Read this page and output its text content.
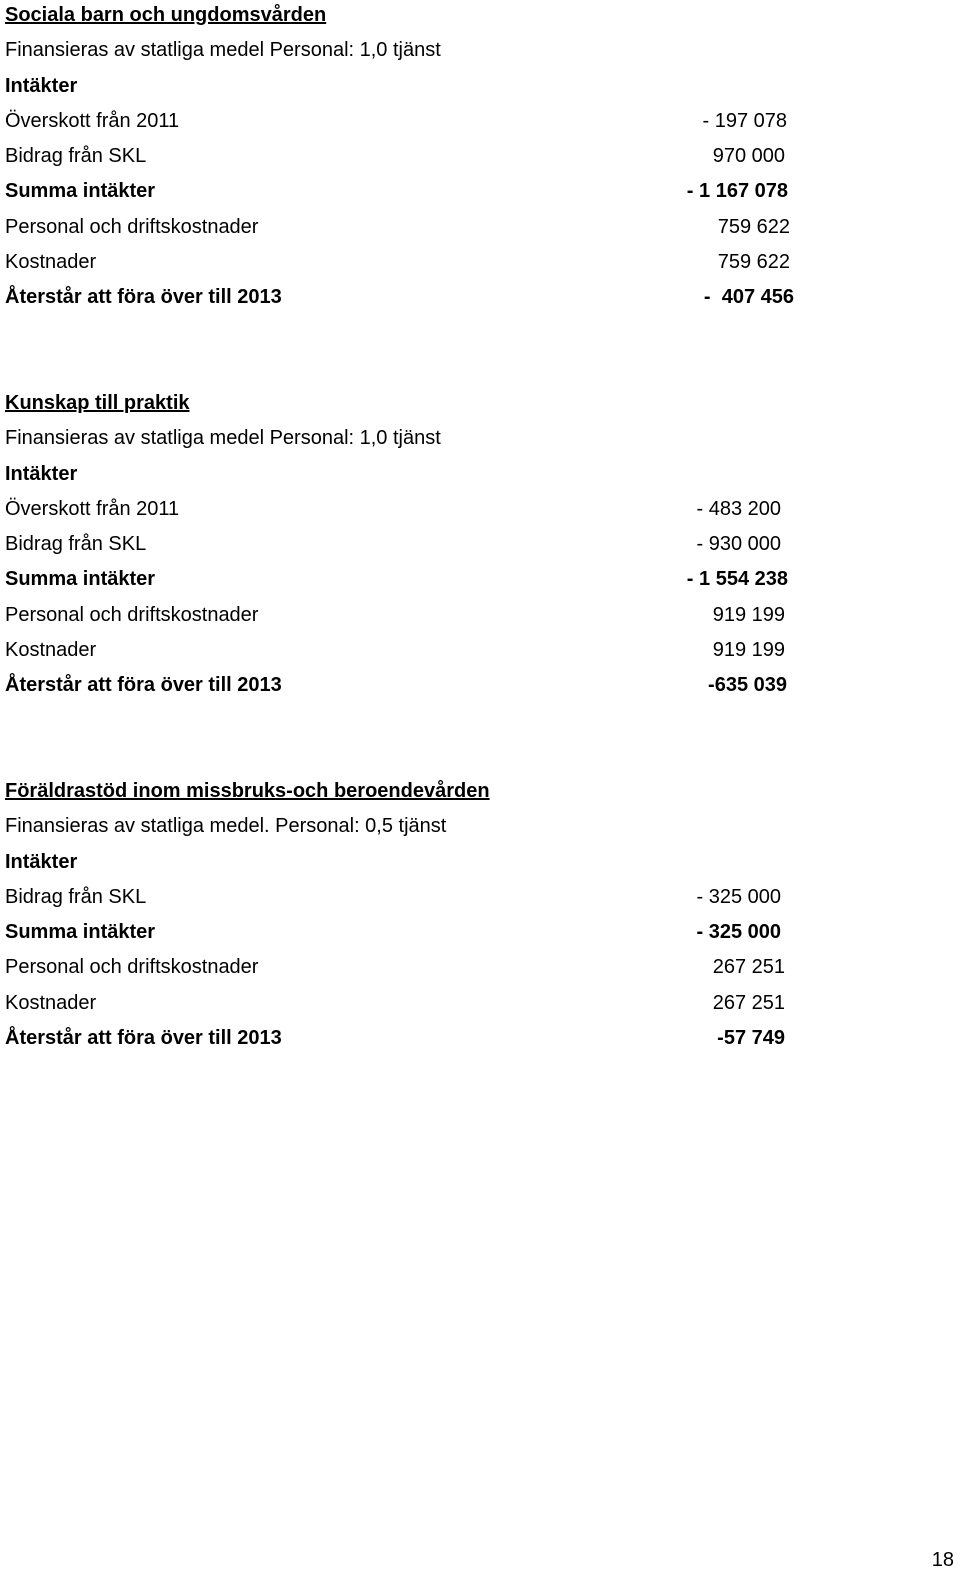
Sociala barn och ungdomsvården
Finansieras av statliga medel Personal: 1,0 tjänst
Intäkter
Överskott från 2011	- 197 078
Bidrag från SKL	970 000
Summa intäkter	- 1 167 078
Personal och driftskostnader	759 622
Kostnader	759 622
Återstår att föra över till 2013	-  407 456
Kunskap till praktik
Finansieras av statliga medel Personal: 1,0 tjänst
Intäkter
Överskott från 2011	- 483 200
Bidrag från SKL	- 930 000
Summa intäkter	- 1 554 238
Personal och driftskostnader	919 199
Kostnader	919 199
Återstår att föra över till 2013	-635 039
Föräldrastöd inom missbruks-och beroendevården
Finansieras av statliga medel. Personal: 0,5 tjänst
Intäkter
Bidrag från SKL	- 325 000
Summa intäkter	- 325 000
Personal och driftskostnader	267 251
Kostnader	267 251
Återstår att föra över till 2013	-57 749
18
